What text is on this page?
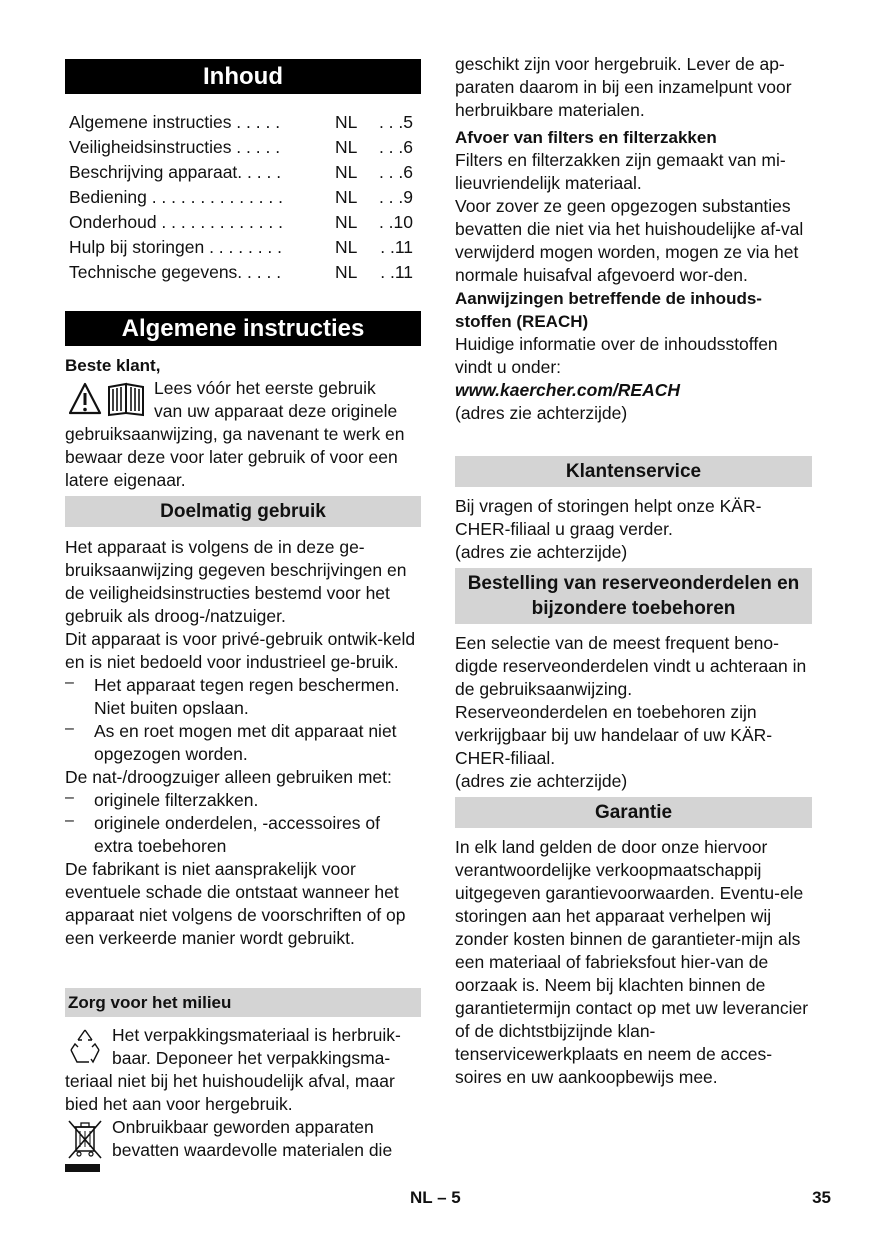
Inhoud
Algemene instructies . . . . .	NL . . .5
Veiligheidsinstructies . . . . .	NL . . .6
Beschrijving apparaat. . . . .	NL . . .6
Bediening . . . . . . . . . . . . . .	NL . . .9
Onderhoud . . . . . . . . . . . . .	NL . .10
Hulp bij storingen . . . . . . . .	NL . .11
Technische gegevens. . . . .	NL . .11
Algemene instructies

Beste klant,

Lees vóór het eerste gebruik

van uw apparaat deze originele

gebruiksaanwijzing, ga navenant te werk en bewaar deze voor later gebruik of voor een latere eigenaar.

Doelmatig gebruik

Het apparaat is volgens de in deze ge-bruiksaanwijzing gegeven beschrijvingen en de veiligheidsinstructies bestemd voor het gebruik als droog-/natzuiger.

Dit apparaat is voor privé-gebruik ontwik-keld en is niet bedoeld voor industrieel ge-bruik.

– Het apparaat tegen regen beschermen. Niet buiten opslaan.

– As en roet mogen met dit apparaat niet opgezogen worden.

De nat-/droogzuiger alleen gebruiken met:

– originele filterzakken.

– originele onderdelen, -accessoires of extra toebehoren

De fabrikant is niet aansprakelijk voor eventuele schade die ontstaat wanneer het apparaat niet volgens de voorschriften of op een verkeerde manier wordt gebruikt.

Zorg voor het milieu

Het verpakkingsmateriaal is herbruik-

baar. Deponeer het verpakkingsma-

teriaal niet bij het huishoudelijk afval, maar bied het aan voor hergebruik.

Onbruikbaar geworden apparaten

bevatten waardevolle materialen die

geschikt zijn voor hergebruik. Lever de ap-paraten daarom in bij een inzamelpunt voor herbruikbare materialen.

Afvoer van filters en filterzakken

Filters en filterzakken zijn gemaakt van mi-lieuvriendelijk materiaal.

Voor zover ze geen opgezogen substanties bevatten die niet via het huishoudelijke af-val verwijderd mogen worden, mogen ze via het normale huisafval afgevoerd wor-den.

Aanwijzingen betreffende de inhouds-stoffen (REACH)

Huidige informatie over de inhoudsstoffen vindt u onder:

www.kaercher.com/REACH

(adres zie achterzijde)

Klantenservice

Bij vragen of storingen helpt onze KÄR-CHER-filiaal u graag verder.

(adres zie achterzijde)

Bestelling van reserveonderdelen en bijzondere toebehoren

Een selectie van de meest frequent beno-digde reserveonderdelen vindt u achteraan in de gebruiksaanwijzing.

Reserveonderdelen en toebehoren zijn verkrijgbaar bij uw handelaar of uw KÄR-CHER-filiaal.

(adres zie achterzijde)

Garantie

In elk land gelden de door onze hiervoor verantwoordelijke verkoopmaatschappij uitgegeven garantievoorwaarden. Eventu-ele storingen aan het apparaat verhelpen wij zonder kosten binnen de garantieter-mijn als een materiaal of fabrieksfout hier-van de oorzaak is. Neem bij klachten binnen de garantietermijn contact op met uw leverancier of de dichtstbijzijnde klan-tenservicewerkplaats en neem de acces-soires en uw aankoopbewijs mee.

NL – 5	35
